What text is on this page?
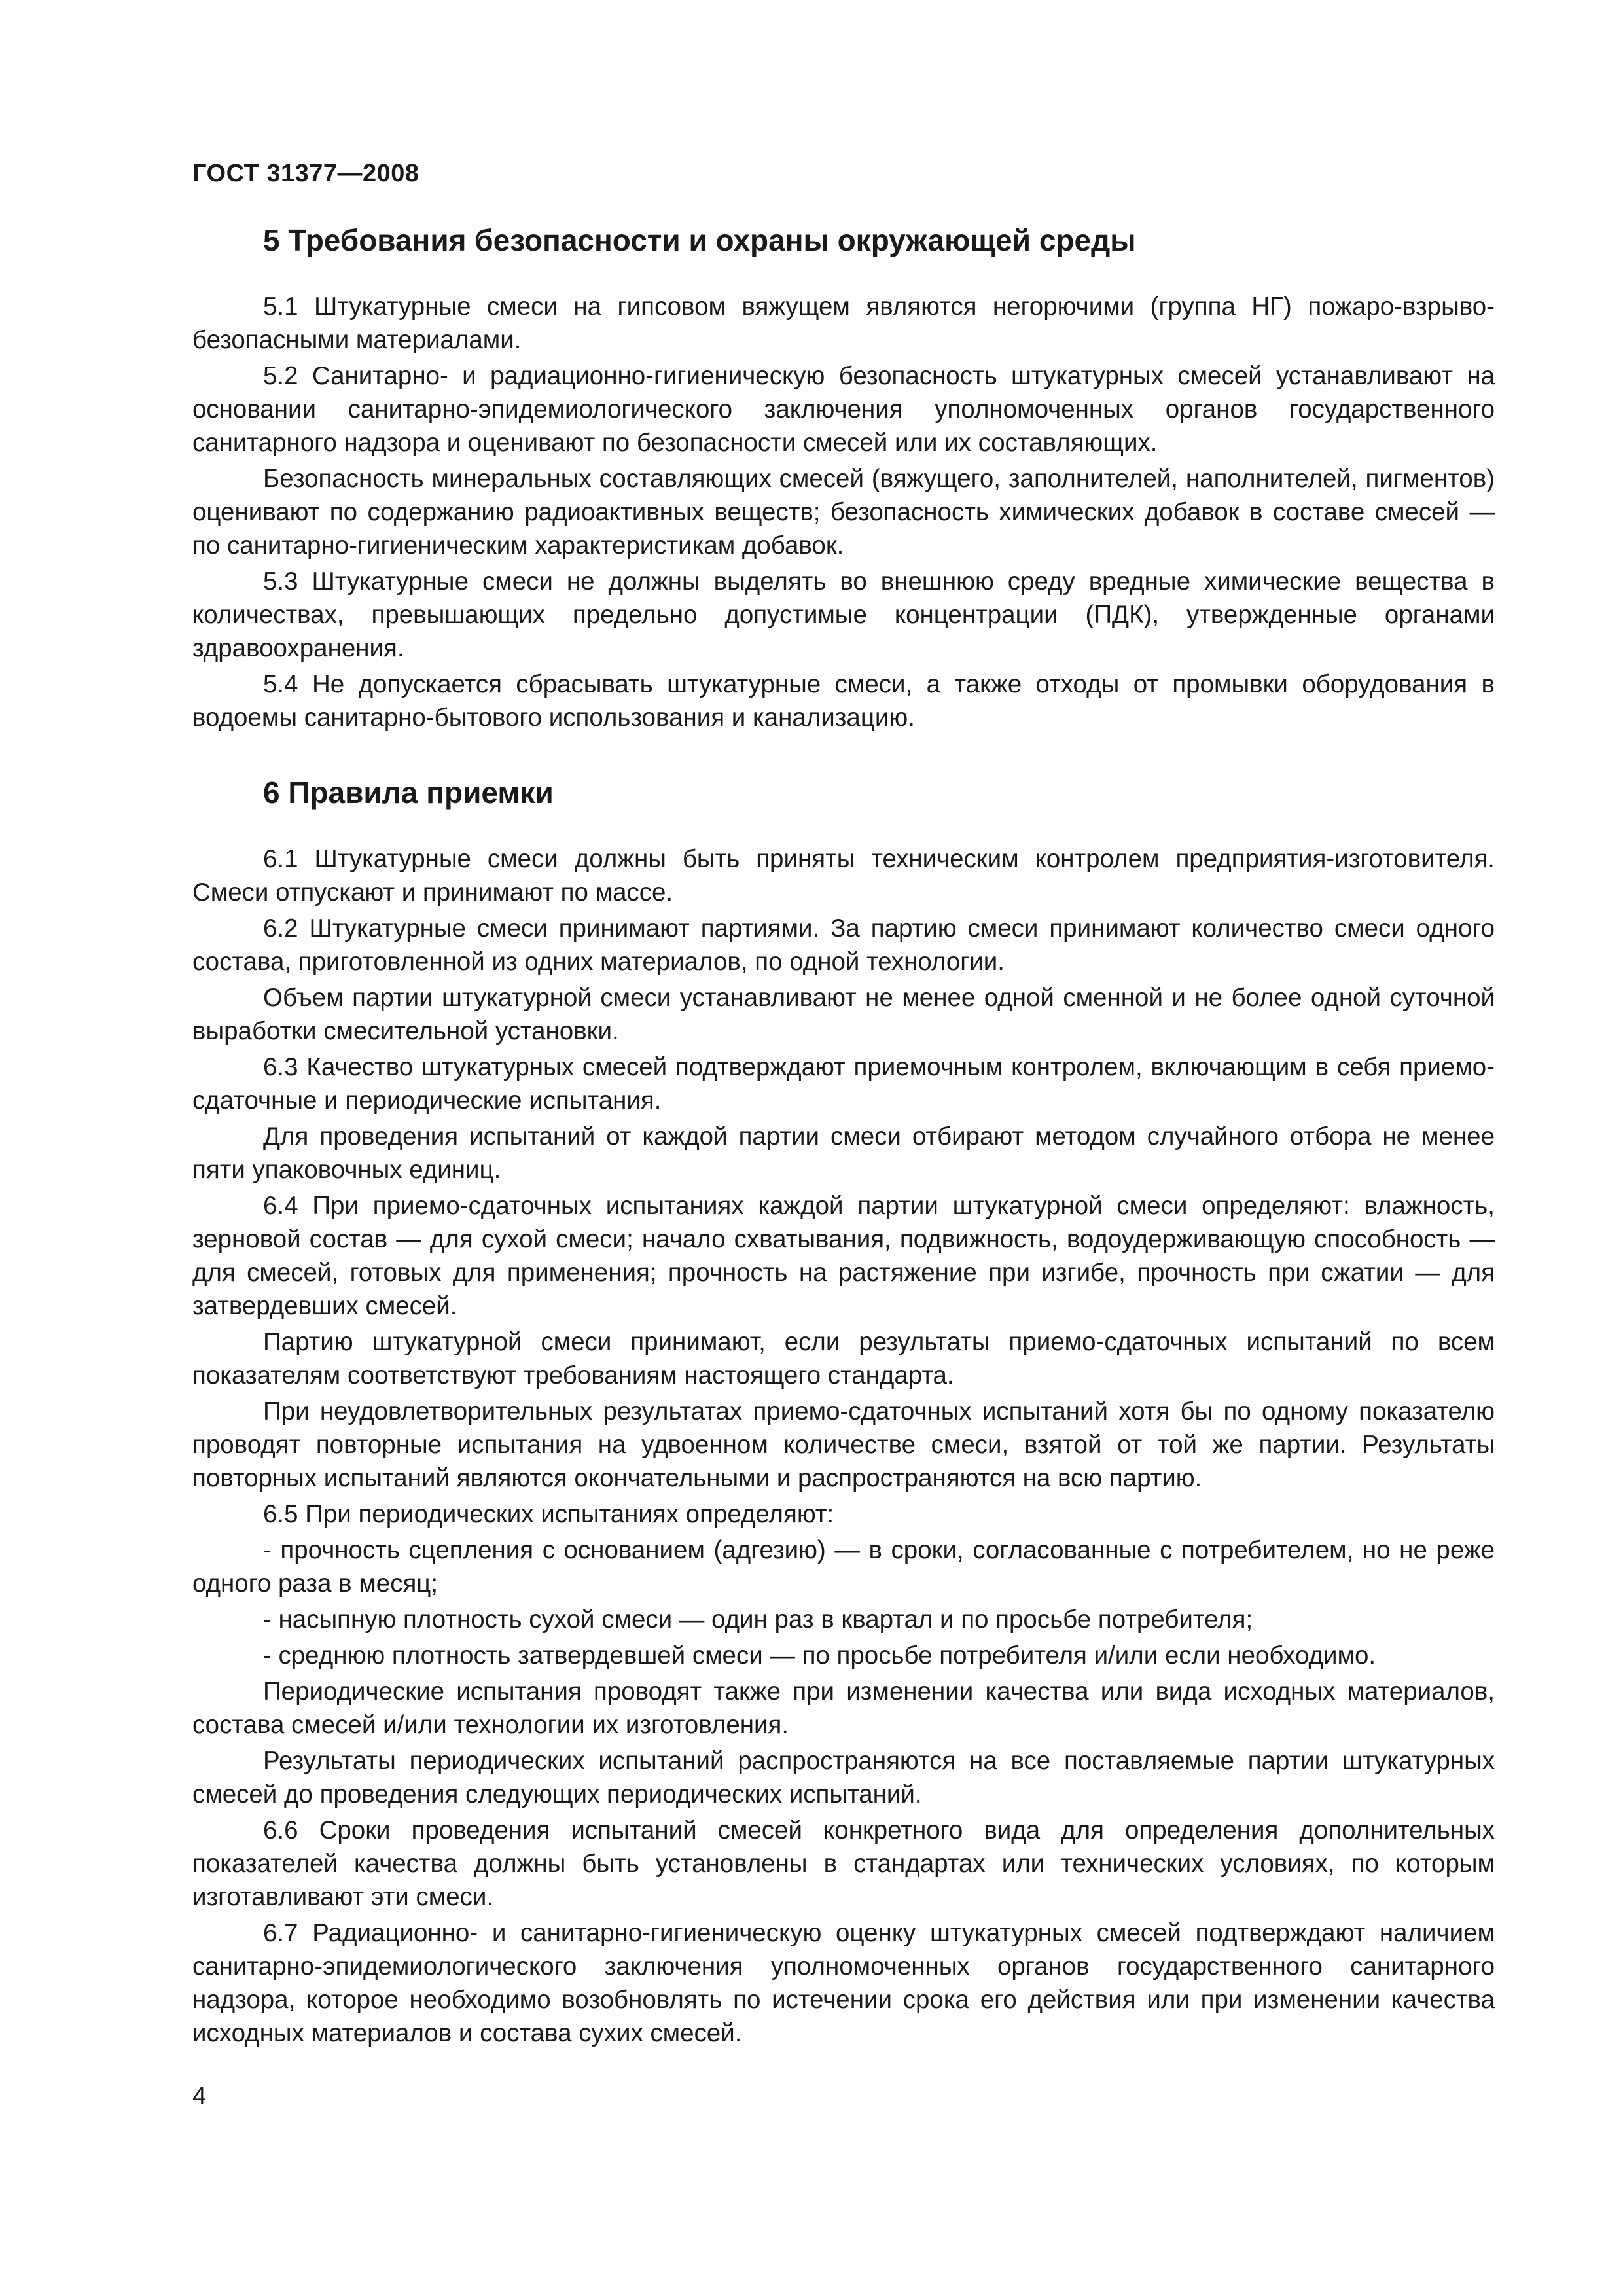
ГОСТ 31377—2008
5 Требования безопасности и охраны окружающей среды

5.1 Штукатурные смеси на гипсовом вяжущем являются негорючими (группа НГ) пожаро-взрыво-безопасными материалами.

5.2 Санитарно- и радиационно-гигиеническую безопасность штукатурных смесей устанавливают на основании санитарно-эпидемиологического заключения уполномоченных органов государственного санитарного надзора и оценивают по безопасности смесей или их составляющих.

Безопасность минеральных составляющих смесей (вяжущего, заполнителей, наполнителей, пигментов) оценивают по содержанию радиоактивных веществ; безопасность химических добавок в составе смесей — по санитарно-гигиеническим характеристикам добавок.

5.3 Штукатурные смеси не должны выделять во внешнюю среду вредные химические вещества в количествах, превышающих предельно допустимые концентрации (ПДК), утвержденные органами здравоохранения.

5.4 Не допускается сбрасывать штукатурные смеси, а также отходы от промывки оборудования в водоемы санитарно-бытового использования и канализацию.

6 Правила приемки

6.1 Штукатурные смеси должны быть приняты техническим контролем предприятия-изготовителя. Смеси отпускают и принимают по массе.

6.2 Штукатурные смеси принимают партиями. За партию смеси принимают количество смеси одного состава, приготовленной из одних материалов, по одной технологии.

Объем партии штукатурной смеси устанавливают не менее одной сменной и не более одной суточной выработки смесительной установки.

6.3 Качество штукатурных смесей подтверждают приемочным контролем, включающим в себя приемо-сдаточные и периодические испытания.

Для проведения испытаний от каждой партии смеси отбирают методом случайного отбора не менее пяти упаковочных единиц.

6.4 При приемо-сдаточных испытаниях каждой партии штукатурной смеси определяют: влажность, зерновой состав — для сухой смеси; начало схватывания, подвижность, водоудерживающую способность — для смесей, готовых для применения; прочность на растяжение при изгибе, прочность при сжатии — для затвердевших смесей.

Партию штукатурной смеси принимают, если результаты приемо-сдаточных испытаний по всем показателям соответствуют требованиям настоящего стандарта.

При неудовлетворительных результатах приемо-сдаточных испытаний хотя бы по одному показателю проводят повторные испытания на удвоенном количестве смеси, взятой от той же партии. Результаты повторных испытаний являются окончательными и распространяются на всю партию.

6.5 При периодических испытаниях определяют:

- прочность сцепления с основанием (адгезию) — в сроки, согласованные с потребителем, но не реже одного раза в месяц;

- насыпную плотность сухой смеси — один раз в квартал и по просьбе потребителя;

- среднюю плотность затвердевшей смеси — по просьбе потребителя и/или если необходимо.

Периодические испытания проводят также при изменении качества или вида исходных материалов, состава смесей и/или технологии их изготовления.

Результаты периодических испытаний распространяются на все поставляемые партии штукатурных смесей до проведения следующих периодических испытаний.

6.6 Сроки проведения испытаний смесей конкретного вида для определения дополнительных показателей качества должны быть установлены в стандартах или технических условиях, по которым изготавливают эти смеси.

6.7 Радиационно- и санитарно-гигиеническую оценку штукатурных смесей подтверждают наличием санитарно-эпидемиологического заключения уполномоченных органов государственного санитарного надзора, которое необходимо возобновлять по истечении срока его действия или при изменении качества исходных материалов и состава сухих смесей.

4
